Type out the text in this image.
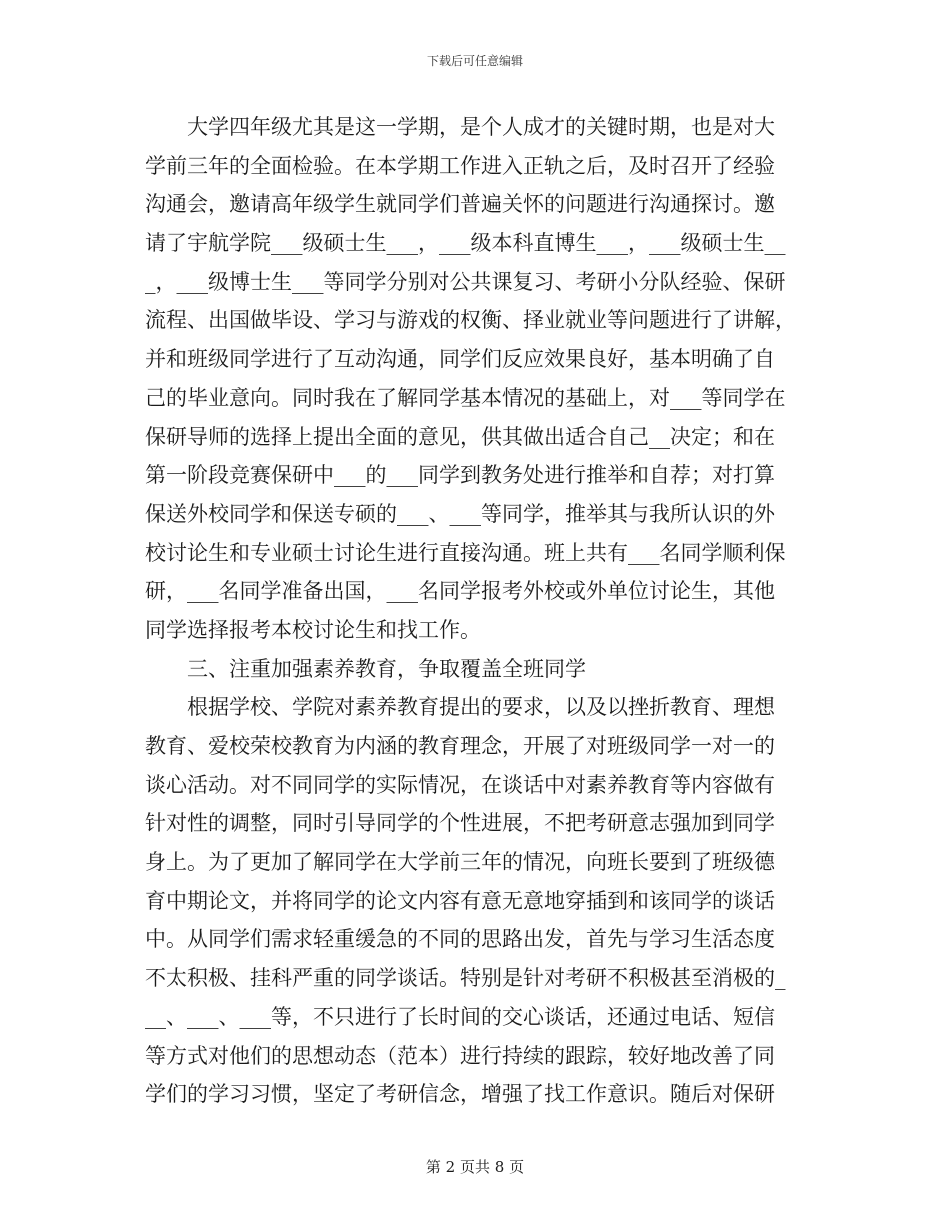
下载后可任意编辑
　　大学四年级尤其是这一学期，是个人成才的关键时期，也是对大
学前三年的全面检验。在本学期工作进入正轨之后，及时召开了经验
沟通会，邀请高年级学生就同学们普遍关怀的问题进行沟通探讨。邀
请了宇航学院___级硕士生___，___级本科直博生___，___级硕士生__
_，___级博士生___等同学分别对公共课复习、考研小分队经验、保研
流程、出国做毕设、学习与游戏的权衡、择业就业等问题进行了讲解，
并和班级同学进行了互动沟通，同学们反应效果良好，基本明确了自
己的毕业意向。同时我在了解同学基本情况的基础上，对___等同学在
保研导师的选择上提出全面的意见，供其做出适合自己__决定；和在
第一阶段竞赛保研中___的___同学到教务处进行推举和自荐；对打算
保送外校同学和保送专硕的___、___等同学，推举其与我所认识的外
校讨论生和专业硕士讨论生进行直接沟通。班上共有___名同学顺利保
研，___名同学准备出国，___名同学报考外校或外单位讨论生，其他
同学选择报考本校讨论生和找工作。
　　三、注重加强素养教育，争取覆盖全班同学
　　根据学校、学院对素养教育提出的要求，以及以挫折教育、理想
教育、爱校荣校教育为内涵的教育理念，开展了对班级同学一对一的
谈心活动。对不同同学的实际情况，在谈话中对素养教育等内容做有
针对性的调整，同时引导同学的个性进展，不把考研意志强加到同学
身上。为了更加了解同学在大学前三年的情况，向班长要到了班级德
育中期论文，并将同学的论文内容有意无意地穿插到和该同学的谈话
中。从同学们需求轻重缓急的不同的思路出发，首先与学习生活态度
不太积极、挂科严重的同学谈话。特别是针对考研不积极甚至消极的_
__、___、___等，不只进行了长时间的交心谈话，还通过电话、短信
等方式对他们的思想动态（范本）进行持续的跟踪，较好地改善了同
学们的学习习惯，坚定了考研信念，增强了找工作意识。随后对保研
第 2 页共 8 页
